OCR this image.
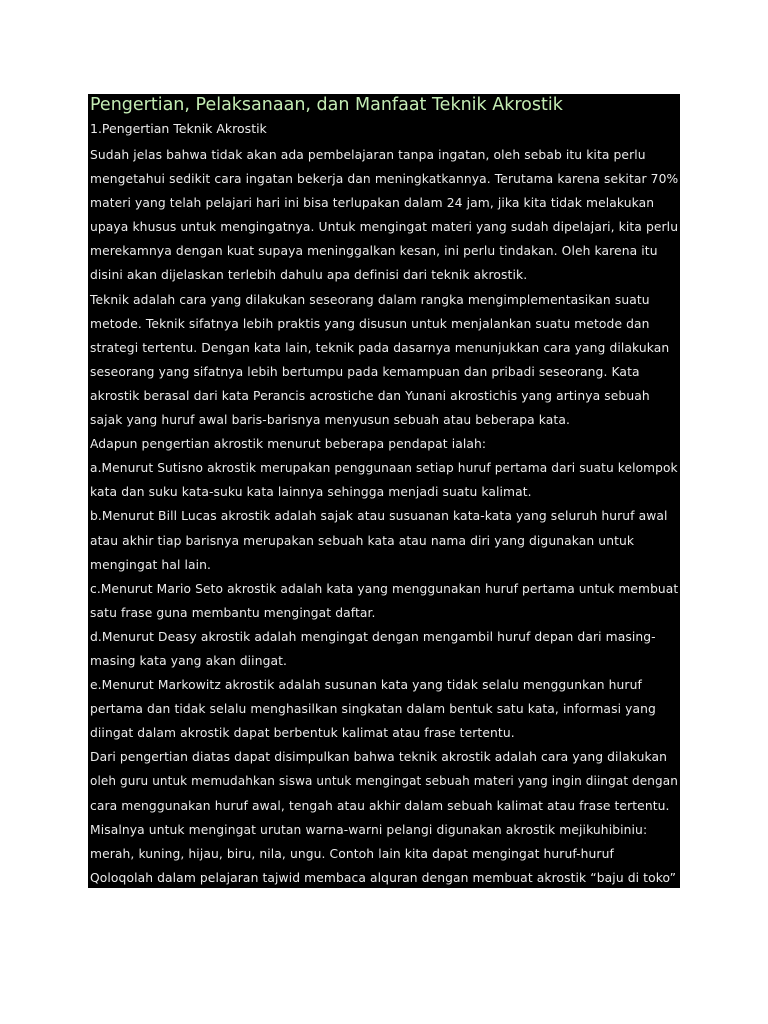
Pengertian, Pelaksanaan, dan Manfaat Teknik Akrostik
1.Pengertian Teknik Akrostik
Sudah jelas bahwa tidak akan ada pembelajaran tanpa ingatan, oleh sebab itu kita perlu
mengetahui sedikit cara ingatan bekerja dan meningkatkannya. Terutama karena sekitar 70%
materi yang telah pelajari hari ini bisa terlupakan dalam 24 jam, jika kita tidak melakukan
upaya khusus untuk mengingatnya. Untuk mengingat materi yang sudah dipelajari, kita perlu
merekamnya dengan kuat supaya meninggalkan kesan, ini perlu tindakan. Oleh karena itu
disini akan dijelaskan terlebih dahulu apa definisi dari teknik akrostik.
Teknik adalah cara yang dilakukan seseorang dalam rangka mengimplementasikan suatu
metode. Teknik sifatnya lebih praktis yang disusun untuk menjalankan suatu metode dan
strategi tertentu. Dengan kata lain, teknik pada dasarnya menunjukkan cara yang dilakukan
seseorang yang sifatnya lebih bertumpu pada kemampuan dan pribadi seseorang. Kata
akrostik berasal dari kata Perancis acrostiche dan Yunani akrostichis yang artinya sebuah
sajak yang huruf awal baris-barisnya menyusun sebuah atau beberapa kata.
Adapun pengertian akrostik menurut beberapa pendapat ialah:
a.Menurut Sutisno akrostik merupakan penggunaan setiap huruf pertama dari suatu kelompok
kata dan suku kata-suku kata lainnya sehingga menjadi suatu kalimat.
b.Menurut Bill Lucas akrostik adalah sajak atau susuanan kata-kata yang seluruh huruf awal
atau akhir tiap barisnya merupakan sebuah kata atau nama diri yang digunakan untuk
mengingat hal lain.
c.Menurut Mario Seto akrostik adalah kata yang menggunakan huruf pertama untuk membuat
satu frase guna membantu mengingat daftar.
d.Menurut Deasy akrostik adalah mengingat dengan mengambil huruf depan dari masing-
masing kata yang akan diingat.
e.Menurut Markowitz akrostik adalah susunan kata yang tidak selalu menggunkan huruf
pertama dan tidak selalu menghasilkan singkatan dalam bentuk satu kata, informasi yang
diingat dalam akrostik dapat berbentuk kalimat atau frase tertentu.
Dari pengertian diatas dapat disimpulkan bahwa teknik akrostik adalah cara yang dilakukan
oleh guru untuk memudahkan siswa untuk mengingat sebuah materi yang ingin diingat dengan
cara menggunakan huruf awal, tengah atau akhir dalam sebuah kalimat atau frase tertentu.
Misalnya untuk mengingat urutan warna-warni pelangi digunakan akrostik mejikuhibiniu:
merah, kuning, hijau, biru, nila, ungu. Contoh lain kita dapat mengingat huruf-huruf
Qoloqolah dalam pelajaran tajwid membaca alquran dengan membuat akrostik “baju di toko”
